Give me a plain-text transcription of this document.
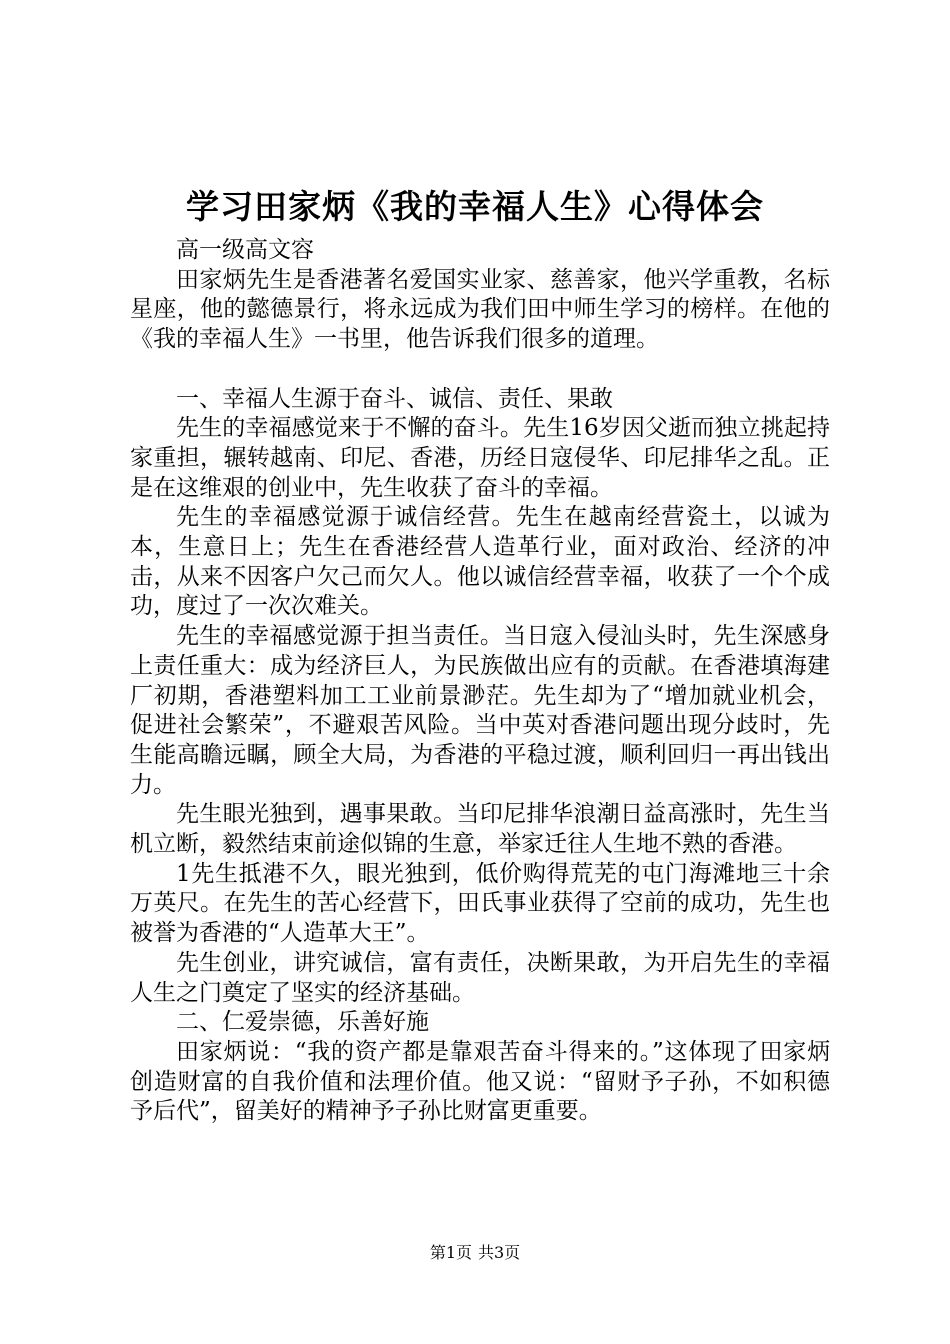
学习田家炳《我的幸福人生》心得体会

高一级高文容

田家炳先生是香港著名爱国实业家、慈善家，他兴学重教，名标星座，他的懿德景行，将永远成为我们田中师生学习的榜样。在他的《我的幸福人生》一书里，他告诉我们很多的道理。

一、幸福人生源于奋斗、诚信、责任、果敢

先生的幸福感觉来于不懈的奋斗。先生16岁因父逝而独立挑起持家重担，辗转越南、印尼、香港，历经日寇侵华、印尼排华之乱。正是在这维艰的创业中，先生收获了奋斗的幸福。

先生的幸福感觉源于诚信经营。先生在越南经营瓷土，以诚为本，生意日上；先生在香港经营人造革行业，面对政治、经济的冲击，从来不因客户欠己而欠人。他以诚信经营幸福，收获了一个个成功，度过了一次次难关。

先生的幸福感觉源于担当责任。当日寇入侵汕头时，先生深感身上责任重大：成为经济巨人，为民族做出应有的贡献。在香港填海建厂初期，香港塑料加工工业前景渺茫。先生却为了“增加就业机会，促进社会繁荣”，不避艰苦风险。当中英对香港问题出现分歧时，先生能高瞻远瞩，顾全大局，为香港的平稳过渡，顺利回归一再出钱出力。

先生眼光独到，遇事果敢。当印尼排华浪潮日益高涨时，先生当机立断，毅然结束前途似锦的生意，举家迁往人生地不熟的香港。

1先生抵港不久，眼光独到，低价购得荒芜的屯门海滩地三十余万英尺。在先生的苦心经营下，田氏事业获得了空前的成功，先生也被誉为香港的“人造革大王”。

先生创业，讲究诚信，富有责任，决断果敢，为开启先生的幸福人生之门奠定了坚实的经济基础。

二、仁爱崇德，乐善好施

田家炳说：“我的资产都是靠艰苦奋斗得来的。”这体现了田家炳创造财富的自我价值和法理价值。他又说：“留财予子孙，不如积德予后代”，留美好的精神予子孙比财富更重要。

第1页 共3页
